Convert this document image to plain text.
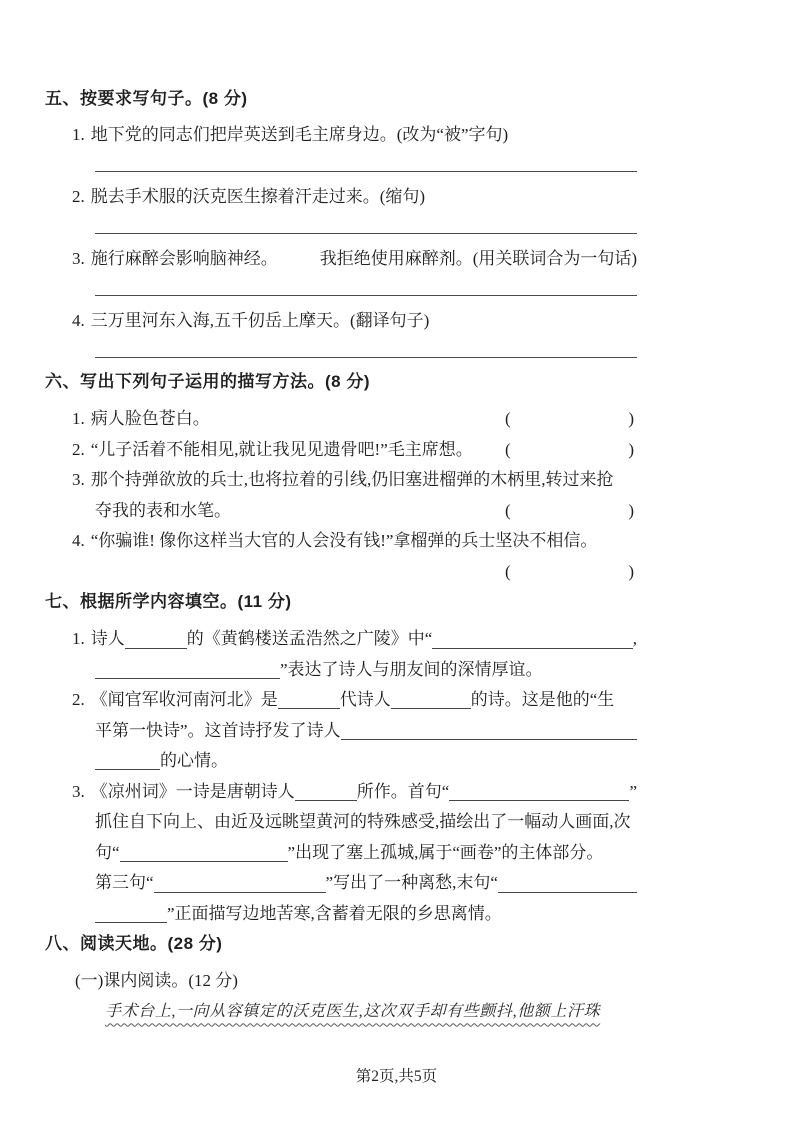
五、按要求写句子。(8 分)
1. 地下党的同志们把岸英送到毛主席身边。(改为“被”字句)
2. 脱去手术服的沃克医生擦着汗走过来。(缩句)
3. 施行麻醉会影响脑神经。 我拒绝使用麻醉剂。(用关联词合为一句话)
4. 三万里河东入海,五千仞岳上摩天。(翻译句子)
六、写出下列句子运用的描写方法。(8 分)
1. 病人脸色苍白。	(	)
2. “儿子活着不能相见,就让我见见遗骨吧!”毛主席想。 (	)
3. 那个持弹欲放的兵士,也将拉着的引线,仍旧塞进榴弹的木柄里,转过来抢
夺我的表和水笔。	(	)
4. “你骗谁! 像你这样当大官的人会没有钱!”拿榴弹的兵士坚决不相信。
(	)
七、根据所学内容填空。(11 分)
1. 诗人	的《黄鹤楼送孟浩然之广陵》中“	,
”表达了诗人与朋友间的深情厚谊。
2. 《闻官军收河南河北》是	代诗人	的诗。这是他的“生
平第一快诗”。这首诗抒发了诗人
的心情。
3. 《凉州词》一诗是唐朝诗人	所作。首句“	”
抓住自下向上、由近及远眺望黄河的特殊感受,描绘出了一幅动人画面,次
句“	”出现了塞上孤城,属于“画卷”的主体部分。
第三句“	”写出了一种离愁,末句“
”正面描写边地苦寒,含蓄着无限的乡思离情。
八、阅读天地。(28 分)
(一)课内阅读。(12 分)
手术台上,一向从容镇定的沃克医生,这次双手却有些颤抖,他额上汗珠
第2页,共5页
